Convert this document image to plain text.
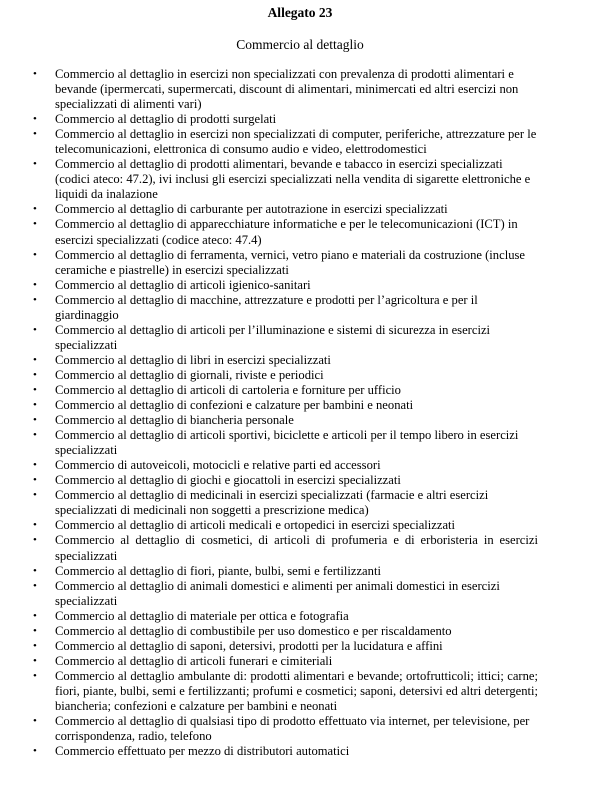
Allegato 23
Commercio al dettaglio
• Commercio al dettaglio in esercizi non specializzati con prevalenza di prodotti alimentari e bevande (ipermercati, supermercati, discount di alimentari, minimercati ed altri esercizi non specializzati di alimenti vari)
• Commercio al dettaglio di prodotti surgelati
• Commercio al dettaglio in esercizi non specializzati di computer, periferiche, attrezzature per le telecomunicazioni, elettronica di consumo audio e video, elettrodomestici
• Commercio al dettaglio di prodotti alimentari, bevande e tabacco in esercizi specializzati (codici ateco: 47.2), ivi inclusi gli esercizi specializzati nella vendita di sigarette elettroniche e liquidi da inalazione
• Commercio al dettaglio di carburante per autotrazione in esercizi specializzati
• Commercio al dettaglio di apparecchiature informatiche e per le telecomunicazioni (ICT) in esercizi specializzati (codice ateco: 47.4)
• Commercio al dettaglio di ferramenta, vernici, vetro piano e materiali da costruzione (incluse ceramiche e piastrelle) in esercizi specializzati
• Commercio al dettaglio di articoli igienico-sanitari
• Commercio al dettaglio di macchine, attrezzature e prodotti per l’agricoltura e per il giardinaggio
• Commercio al dettaglio di articoli per l’illuminazione e sistemi di sicurezza in esercizi specializzati
• Commercio al dettaglio di libri in esercizi specializzati
• Commercio al dettaglio di giornali, riviste e periodici
• Commercio al dettaglio di articoli di cartoleria e forniture per ufficio
• Commercio al dettaglio di confezioni e calzature per bambini e neonati
• Commercio al dettaglio di biancheria personale
• Commercio al dettaglio di articoli sportivi, biciclette e articoli per il tempo libero in esercizi specializzati
• Commercio di autoveicoli, motocicli e relative parti ed accessori
• Commercio al dettaglio di giochi e giocattoli in esercizi specializzati
• Commercio al dettaglio di medicinali in esercizi specializzati (farmacie e altri esercizi specializzati di medicinali non soggetti a prescrizione medica)
• Commercio al dettaglio di articoli medicali e ortopedici in esercizi specializzati
• Commercio al dettaglio di cosmetici, di articoli di profumeria e di erboristeria in esercizi specializzati
• Commercio al dettaglio di fiori, piante, bulbi, semi e fertilizzanti
• Commercio al dettaglio di animali domestici e alimenti per animali domestici in esercizi specializzati
• Commercio al dettaglio di materiale per ottica e fotografia
• Commercio al dettaglio di combustibile per uso domestico e per riscaldamento
• Commercio al dettaglio di saponi, detersivi, prodotti per la lucidatura e affini
• Commercio al dettaglio di articoli funerari e cimiteriali
• Commercio al dettaglio ambulante di: prodotti alimentari e bevande; ortofrutticoli; ittici; carne; fiori, piante, bulbi, semi e fertilizzanti; profumi e cosmetici; saponi, detersivi ed altri detergenti; biancheria; confezioni e calzature per bambini e neonati
• Commercio al dettaglio di qualsiasi tipo di prodotto effettuato via internet, per televisione, per corrispondenza, radio, telefono
• Commercio effettuato per mezzo di distributori automatici
